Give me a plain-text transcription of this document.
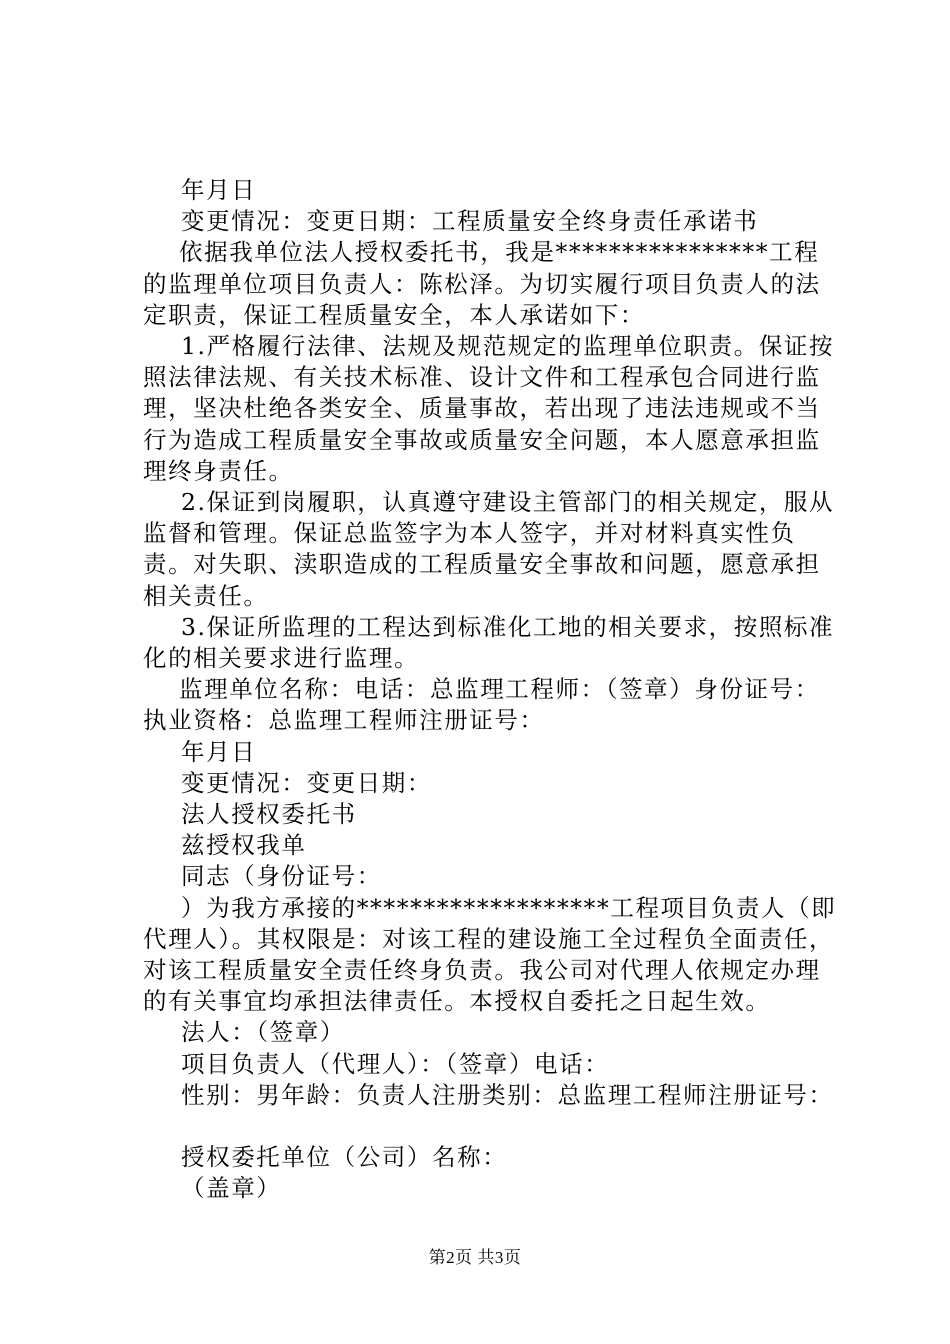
年月日

变更情况：变更日期：工程质量安全终身责任承诺书

依据我单位法人授权委托书，我是****************工程的监理单位项目负责人：陈松泽。为切实履行项目负责人的法定职责，保证工程质量安全，本人承诺如下：

1.严格履行法律、法规及规范规定的监理单位职责。保证按照法律法规、有关技术标准、设计文件和工程承包合同进行监理，坚决杜绝各类安全、质量事故，若出现了违法违规或不当行为造成工程质量安全事故或质量安全问题，本人愿意承担监理终身责任。

2.保证到岗履职，认真遵守建设主管部门的相关规定，服从监督和管理。保证总监签字为本人签字，并对材料真实性负责。对失职、渎职造成的工程质量安全事故和问题，愿意承担相关责任。

3.保证所监理的工程达到标准化工地的相关要求，按照标准化的相关要求进行监理。

监理单位名称：电话：总监理工程师：（签章）身份证号：执业资格：总监理工程师注册证号：

年月日

变更情况：变更日期：

法人授权委托书

兹授权我单

同志（身份证号：

）为我方承接的*******************工程项目负责人（即代理人）。其权限是：对该工程的建设施工全过程负全面责任，对该工程质量安全责任终身负责。我公司对代理人依规定办理的有关事宜均承担法律责任。本授权自委托之日起生效。

法人：（签章）

项目负责人（代理人）：（签章）电话：

性别：男年龄：负责人注册类别：总监理工程师注册证号：

授权委托单位（公司）名称：

（盖章）

第2页 共3页
